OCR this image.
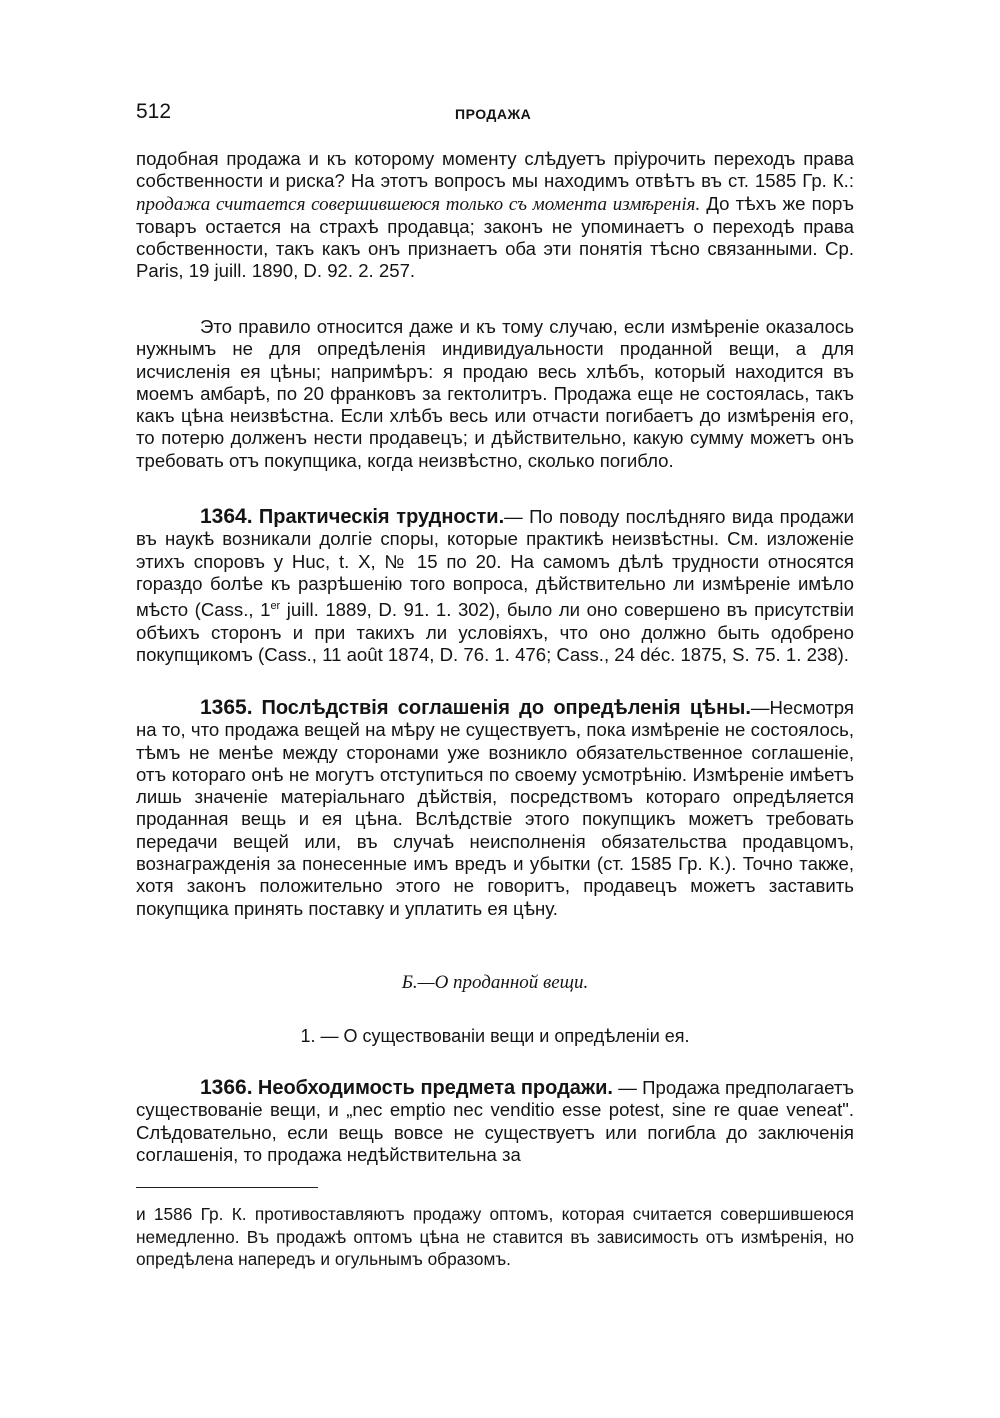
512	ПРОДАЖА
подобная продажа и къ которому моменту слѣдуетъ пріурочить переходъ права собственности и риска? На этотъ вопросъ мы находимъ отвѣтъ въ ст. 1585 Гр. К.: продажа считается совершившеюся только съ момента измѣренія. До тѣхъ же поръ товаръ остается на страхѣ продавца; законъ не упоминаетъ о переходѣ права собственности, такъ какъ онъ признаетъ оба эти понятія тѣсно связанными. Ср. Paris, 19 juill. 1890, D. 92. 2. 257.
Это правило относится даже и къ тому случаю, если измѣреніе оказалось нужнымъ не для опредѣленія индивидуальности проданной вещи, а для исчисленія ея цѣны; напримѣръ: я продаю весь хлѣбъ, который находится въ моемъ амбарѣ, по 20 франковъ за гектолитръ. Продажа еще не состоялась, такъ какъ цѣна неизвѣстна. Если хлѣбъ весь или отчасти погибаетъ до измѣренія его, то потерю долженъ нести продавецъ; и дѣйствительно, какую сумму можетъ онъ требовать отъ покупщика, когда неизвѣстно, сколько погибло.
1364. Практическія трудности.— По поводу послѣдняго вида продажи въ наукѣ возникали долгіе споры, которые практикѣ неизвѣстны. См. изложеніе этихъ споровъ у Huc, t. X, № 15 по 20. На самомъ дѣлѣ трудности относятся гораздо болѣе къ разрѣшенію того вопроса, дѣйствительно ли измѣреніе имѣло мѣсто (Cass., 1er juill. 1889, D. 91. 1. 302), было ли оно совершено въ присутствіи обѣихъ сторонъ и при такихъ ли условіяхъ, что оно должно быть одобрено покупщикомъ (Cass., 11 août 1874, D. 76. 1. 476; Cass., 24 déc. 1875, S. 75. 1. 238).
1365. Послѣдствія соглашенія до опредѣленія цѣны.—Несмотря на то, что продажа вещей на мѣру не существуетъ, пока измѣреніе не состоялось, тѣмъ не менѣе между сторонами уже возникло обязательственное соглашеніе, отъ котораго онѣ не могутъ отступиться по своему усмотрѣнію. Измѣреніе имѣетъ лишь значеніе матеріальнаго дѣйствія, посредствомъ котораго опредѣляется проданная вещь и ея цѣна. Вслѣдствіе этого покупщикъ можетъ требовать передачи вещей или, въ случаѣ неисполненія обязательства продавцомъ, вознагражденія за понесенные имъ вредъ и убытки (ст. 1585 Гр. К.). Точно также, хотя законъ положительно этого не говоритъ, продавецъ можетъ заставить покупщика принять поставку и уплатить ея цѣну.
Б.—О проданной вещи.
1. — О существованіи вещи и опредѣленіи ея.
1366. Необходимость предмета продажи. — Продажа предполагаетъ существованіе вещи, и „nec emptio nec venditio esse potest, sine re quae veneat". Слѣдовательно, если вещь вовсе не существуетъ или погибла до заключенія соглашенія, то продажа недѣйствительна за
и 1586 Гр. К. противоставляютъ продажу оптомъ, которая считается совершившеюся немедленно. Въ продажѣ оптомъ цѣна не ставится въ зависимость отъ измѣренія, но опредѣлена напередъ и огульнымъ образомъ.
